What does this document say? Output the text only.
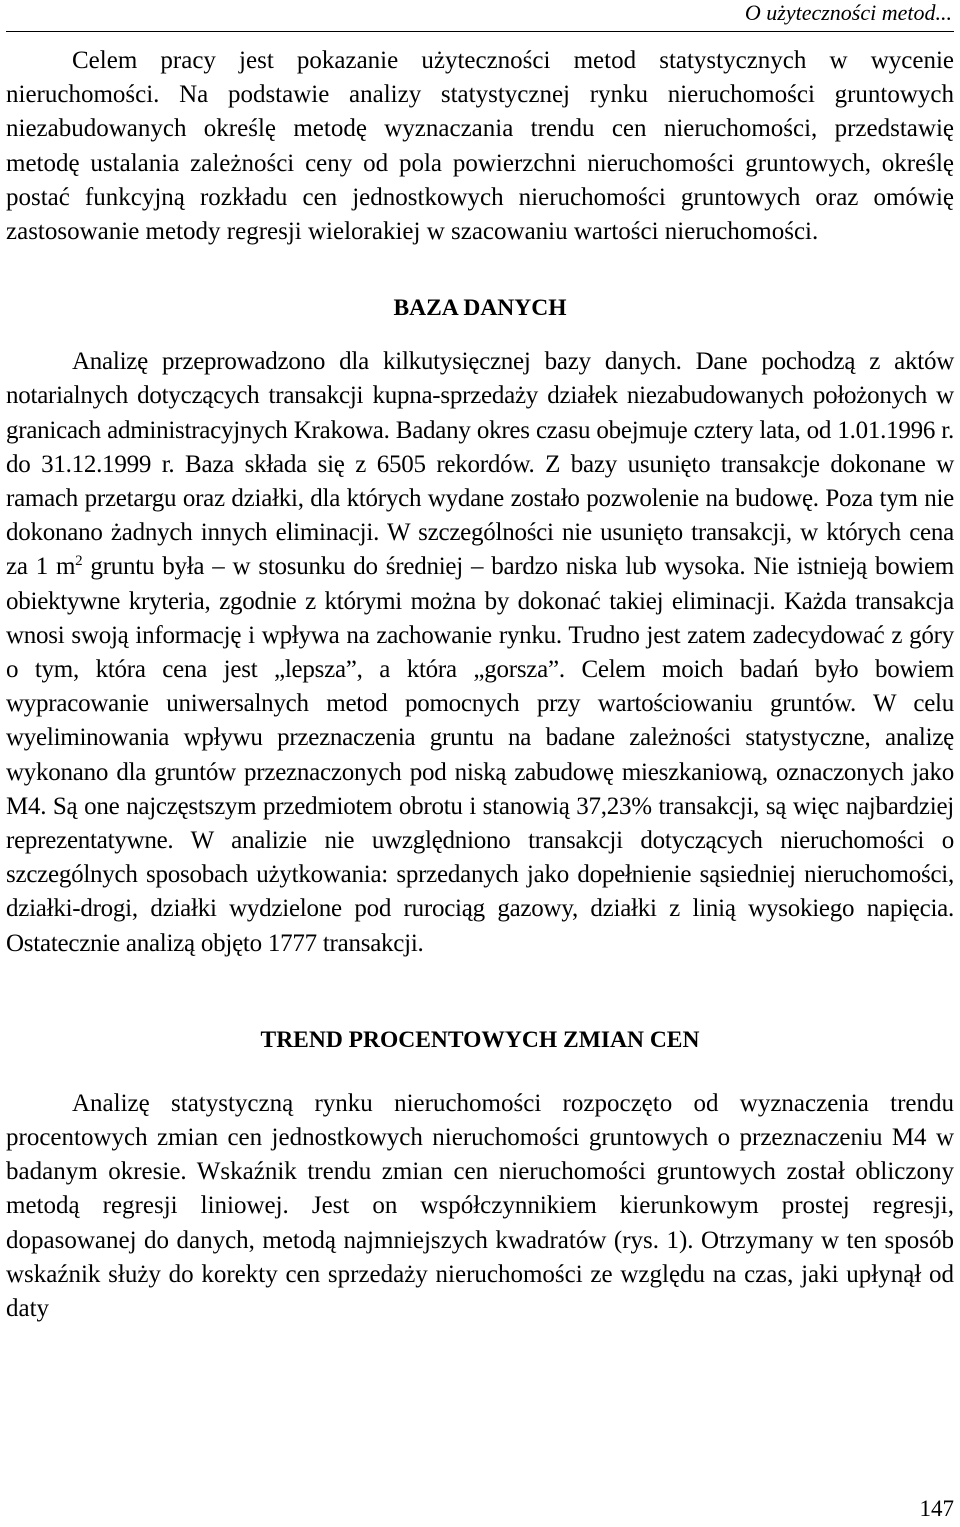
O użyteczności metod...

Celem pracy jest pokazanie użyteczności metod statystycznych w wycenie nieruchomości. Na podstawie analizy statystycznej rynku nieruchomości gruntowych niezabudowanych określę metodę wyznaczania trendu cen nieruchomości, przedstawię metodę ustalania zależności ceny od pola powierzchni nieruchomości gruntowych, określę postać funkcyjną rozkładu cen jednostkowych nieruchomości gruntowych oraz omówię zastosowanie metody regresji wielorakiej w szacowaniu wartości nieruchomości.

BAZA DANYCH

Analizę przeprowadzono dla kilkutysięcznej bazy danych. Dane pochodzą z aktów notarialnych dotyczących transakcji kupna-sprzedaży działek niezabudowanych położonych w granicach administracyjnych Krakowa. Badany okres czasu obejmuje cztery lata, od 1.01.1996 r. do 31.12.1999 r. Baza składa się z 6505 rekordów. Z bazy usunięto transakcje dokonane w ramach przetargu oraz działki, dla których wydane zostało pozwolenie na budowę. Poza tym nie dokonano żadnych innych eliminacji. W szczególności nie usunięto transakcji, w których cena za 1 $m^2$ gruntu była – w stosunku do średniej – bardzo niska lub wysoka. Nie istnieją bowiem obiektywne kryteria, zgodnie z którymi można by dokonać takiej eliminacji. Każda transakcja wnosi swoją informację i wpływa na zachowanie rynku. Trudno jest zatem zadecydować z góry o tym, która cena jest „lepsza”, a która „gorsza”. Celem moich badań było bowiem wypracowanie uniwersalnych metod pomocnych przy wartościowaniu gruntów. W celu wyeliminowania wpływu przeznaczenia gruntu na badane zależności statystyczne, analizę wykonano dla gruntów przeznaczonych pod niską zabudowę mieszkaniową, oznaczonych jako M4. Są one najczęstszym przedmiotem obrotu i stanowią 37,23% transakcji, są więc najbardziej reprezentatywne. W analizie nie uwzględniono transakcji dotyczących nieruchomości o szczególnych sposobach użytkowania: sprzedanych jako dopełnienie sąsiedniej nieruchomości, działki-drogi, działki wydzielone pod rurociąg gazowy, działki z linią wysokiego napięcia. Ostatecznie analizą objęto 1777 transakcji.

TREND PROCENTOWYCH ZMIAN CEN

Analizę statystyczną rynku nieruchomości rozpoczęto od wyznaczenia trendu procentowych zmian cen jednostkowych nieruchomości gruntowych o przeznaczeniu M4 w badanym okresie. Wskaźnik trendu zmian cen nieruchomości gruntowych został obliczony metodą regresji liniowej. Jest on współczynnikiem kierunkowym prostej regresji, dopasowanej do danych, metodą najmniejszych kwadratów (rys. 1). Otrzymany w ten sposób wskaźnik służy do korekty cen sprzedaży nieruchomości ze względu na czas, jaki upłynął od daty

147
